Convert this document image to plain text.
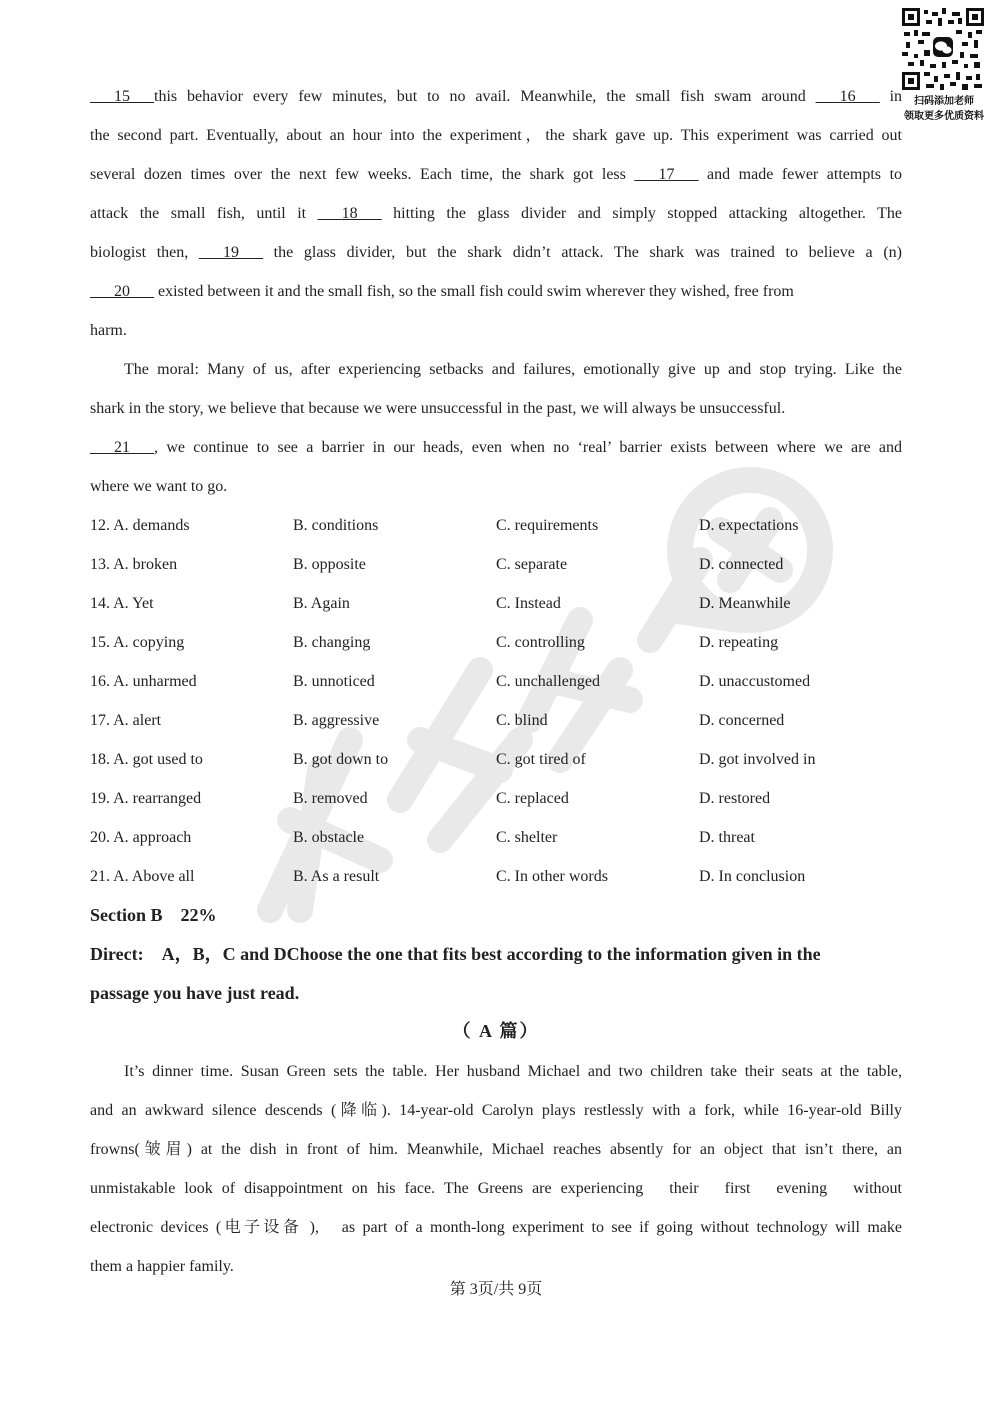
扫码添加老师
领取更多优质资料
___15___this behavior every few minutes, but to no avail. Meanwhile, the small fish swam around ___16___ in
the second part. Eventually, about an hour into the experiment，the shark gave up. This experiment was carried out
several dozen times over the next few weeks. Each time, the shark got less ___17___ and made fewer attempts to
attack the small fish, until it ___18___ hitting the glass divider and simply stopped attacking altogether. The
biologist then, ___19___ the glass divider, but the shark didn’t attack. The shark was trained to believe a (n)
___20___ existed between it and the small fish, so the small fish could swim wherever they wished, free from
harm.
The moral: Many of us, after experiencing setbacks and failures, emotionally give up and stop trying. Like the
shark in the story, we believe that because we were unsuccessful in the past, we will always be unsuccessful.
___21___, we continue to see a barrier in our heads, even when no ‘real’ barrier exists between where we are and
where we want to go.
12. A. demands	B. conditions	C. requirements	D. expectations
13. A. broken	B. opposite	C. separate	D. connected
14. A. Yet	B. Again	C. Instead	D. Meanwhile
15. A. copying	B. changing	C. controlling	D. repeating
16. A. unharmed	B. unnoticed	C. unchallenged	D. unaccustomed
17. A. alert	B. aggressive	C. blind	D. concerned
18. A. got used to	B. got down to	C. got tired of	D. got involved in
19. A. rearranged	B. removed	C. replaced	D. restored
20. A. approach	B. obstacle	C. shelter	D. threat
21. A. Above all	B. As a result	C. In other words	D. In conclusion
Section B　22%
Direct:　A，B，C and DChoose the one that fits best according to the information given in the
passage you have just read.
（ A 篇）
It’s dinner time. Susan Green sets the table. Her husband Michael and two children take their seats at the table,
and an awkward silence descends (降临). 14-year-old Carolyn plays restlessly with a fork, while 16-year-old Billy
frowns(皱眉) at the dish in front of him. Meanwhile, Michael reaches absently for an object that isn’t there, an
unmistakable look of disappointment on his face. The Greens are experiencing　their　first　evening　without
electronic devices (电子设备 ),　as part of a month-long experiment to see if going without technology will make
them a happier family.
第 3页/共 9页
